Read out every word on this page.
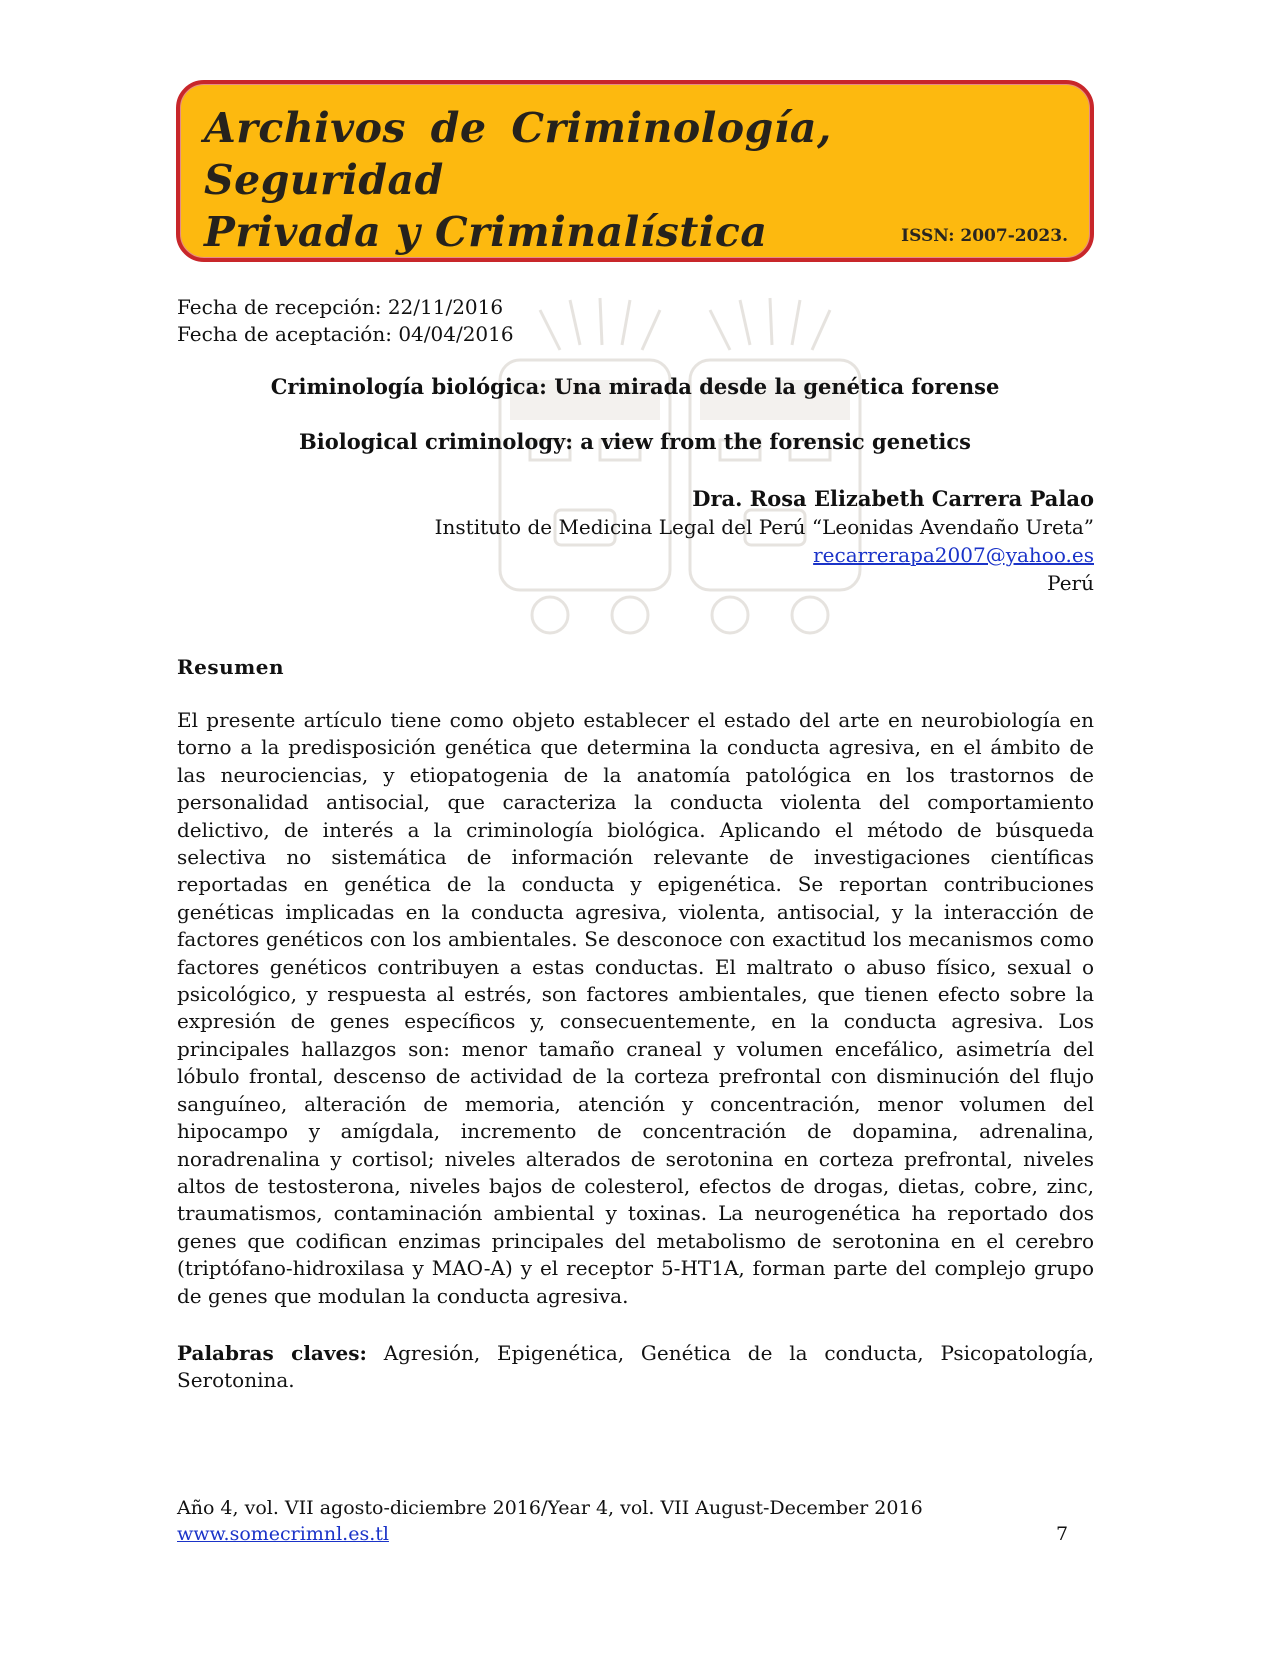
Archivos de Criminología, Seguridad
Privada y Criminalística	ISSN: 2007-2023.
Fecha de recepción: 22/11/2016
Fecha de aceptación: 04/04/2016
Criminología biológica: Una mirada desde la genética forense
Biological criminology: a view from the forensic genetics
Dra. Rosa Elizabeth Carrera Palao
Instituto de Medicina Legal del Perú “Leonidas Avendaño Ureta”
recarrerapa2007@yahoo.es
Perú
Resumen

El presente artículo tiene como objeto establecer el estado del arte en neurobiología en torno a la predisposición genética que determina la conducta agresiva, en el ámbito de las neurociencias, y etiopatogenia de la anatomía patológica en los trastornos de personalidad antisocial, que caracteriza la conducta violenta del comportamiento delictivo, de interés a la criminología biológica. Aplicando el método de búsqueda selectiva no sistemática de información relevante de investigaciones científicas reportadas en genética de la conducta y epigenética. Se reportan contribuciones genéticas implicadas en la conducta agresiva, violenta, antisocial, y la interacción de factores genéticos con los ambientales. Se desconoce con exactitud los mecanismos como factores genéticos contribuyen a estas conductas. El maltrato o abuso físico, sexual o psicológico, y respuesta al estrés, son factores ambientales, que tienen efecto sobre la expresión de genes específicos y, consecuentemente, en la conducta agresiva. Los principales hallazgos son: menor tamaño craneal y volumen encefálico, asimetría del lóbulo frontal, descenso de actividad de la corteza prefrontal con disminución del flujo sanguíneo, alteración de memoria, atención y concentración, menor volumen del hipocampo y amígdala, incremento de concentración de dopamina, adrenalina, noradrenalina y cortisol; niveles alterados de serotonina en corteza prefrontal, niveles altos de testosterona, niveles bajos de colesterol, efectos de drogas, dietas, cobre, zinc, traumatismos, contaminación ambiental y toxinas. La neurogenética ha reportado dos genes que codifican enzimas principales del metabolismo de serotonina en el cerebro (triptófano-hidroxilasa y MAO-A) y el receptor 5-HT1A, forman parte del complejo grupo de genes que modulan la conducta agresiva.

Palabras claves: Agresión, Epigenética, Genética de la conducta, Psicopatología, Serotonina.

Año 4, vol. VII agosto-diciembre 2016/Year 4, vol. VII August-December 2016
www.somecrimnl.es.tl	7
